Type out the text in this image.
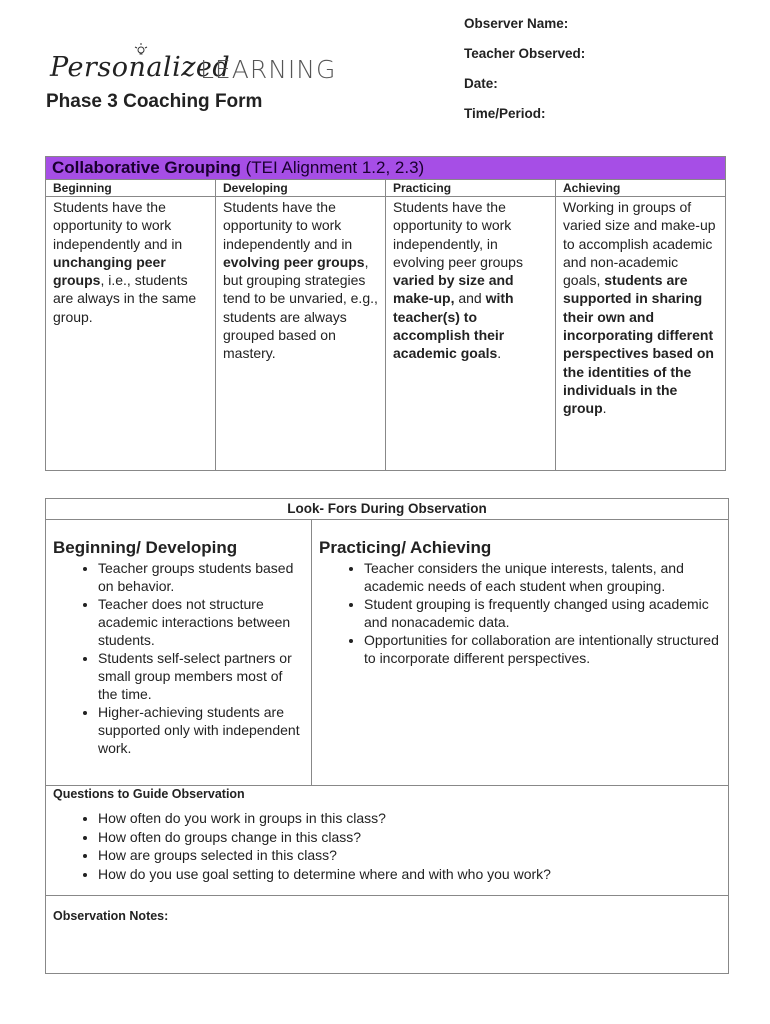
Personalized
LEARNING
Phase 3 Coaching Form
Observer Name:
Teacher Observed:
Date:
Time/Period:
Collaborative Grouping (TEI Alignment 1.2, 2.3)			
Beginning	Developing	Practicing	Achieving
Students have the opportunity to work independently and in unchanging peer groups, i.e., students are always in the same group.	Students have the opportunity to work independently and in evolving peer groups, but grouping strategies tend to be unvaried, e.g., students are always grouped based on mastery.	Students have the opportunity to work independently, in evolving peer groups varied by size and make-up, and with teacher(s) to accomplish their academic goals.	Working in groups of varied size and make-up to accomplish academic and non-academic goals, students are supported in sharing their own and incorporating different perspectives based on the identities of the individuals in the group.
Look- Fors During Observation
Beginning/ Developing
• Teacher groups students based on behavior.
• Teacher does not structure academic interactions between students.
• Students self-select partners or small group members most of the time.
• Higher-achieving students are supported only with independent work.
Practicing/ Achieving
• Teacher considers the unique interests, talents, and academic needs of each student when grouping.
• Student grouping is frequently changed using academic and nonacademic data.
• Opportunities for collaboration are intentionally structured to incorporate different perspectives.
Questions to Guide Observation
• How often do you work in groups in this class?
• How often do groups change in this class?
• How are groups selected in this class?
• How do you use goal setting to determine where and with who you work?
Observation Notes:
